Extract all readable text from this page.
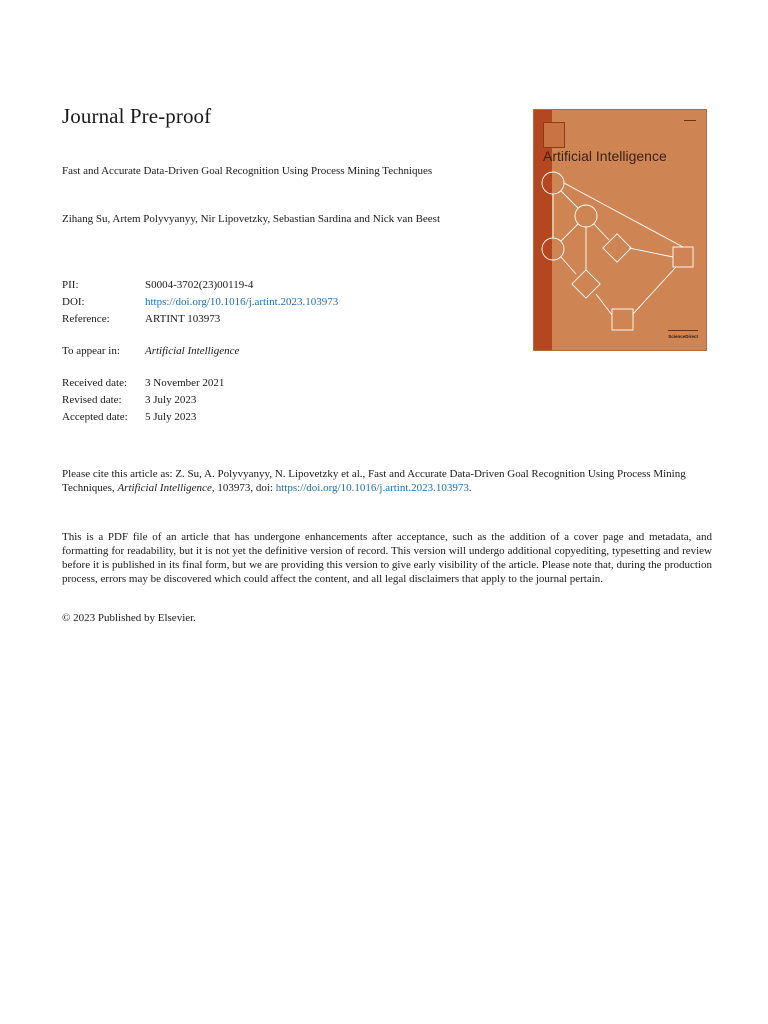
Journal Pre-proof
Fast and Accurate Data-Driven Goal Recognition Using Process Mining Techniques
Zihang Su, Artem Polyvyanyy, Nir Lipovetzky, Sebastian Sardina and Nick van Beest
PII:	S0004-3702(23)00119-4
DOI:	https://doi.org/10.1016/j.artint.2023.103973
Reference:	ARTINT 103973
To appear in: Artificial Intelligence
Received date: 3 November 2021
Revised date: 3 July 2023
Accepted date: 5 July 2023
Please cite this article as: Z. Su, A. Polyvyanyy, N. Lipovetzky et al., Fast and Accurate Data-Driven Goal Recognition Using Process Mining Techniques, Artificial Intelligence, 103973, doi: https://doi.org/10.1016/j.artint.2023.103973.
This is a PDF file of an article that has undergone enhancements after acceptance, such as the addition of a cover page and metadata, and formatting for readability, but it is not yet the definitive version of record. This version will undergo additional copyediting, typesetting and review before it is published in its final form, but we are providing this version to give early visibility of the article. Please note that, during the production process, errors may be discovered which could affect the content, and all legal disclaimers that apply to the journal pertain.
© 2023 Published by Elsevier.
▬▬▬▬
Artificial Intelligence
▬▬▬▬▬▬▬▬▬▬
ScienceDirect
